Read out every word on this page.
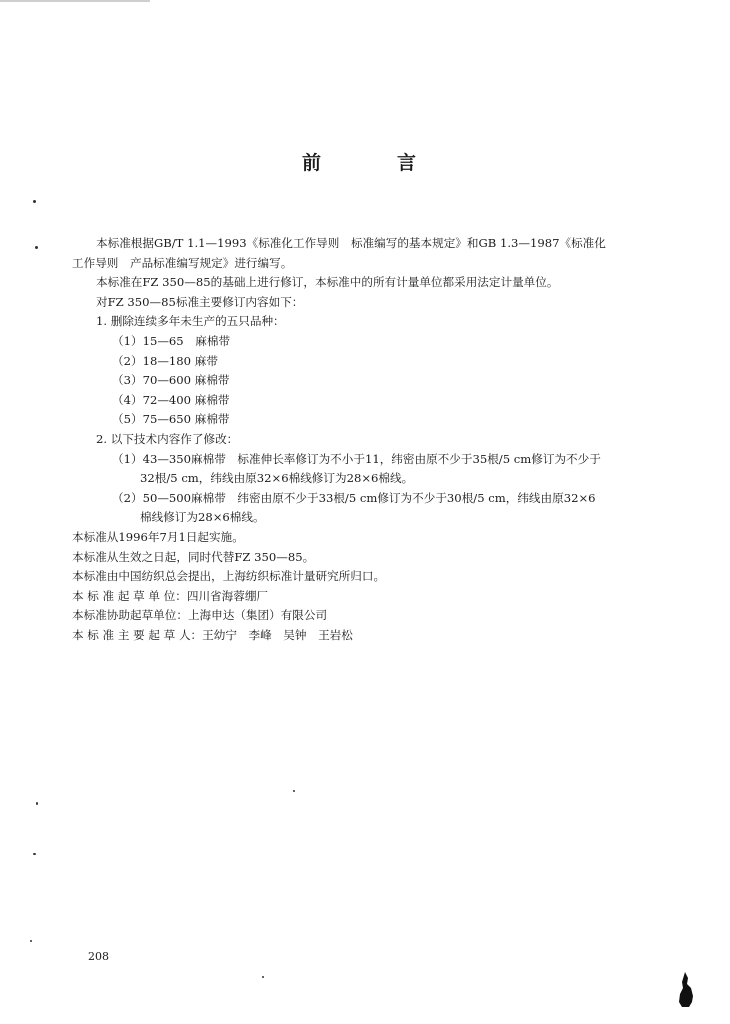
前	言
本标准根据GB/T 1.1—1993《标准化工作导则　标准编写的基本规定》和GB 1.3—1987《标准化
工作导则　产品标准编写规定》进行编写。
本标准在FZ 350—85的基础上进行修订，本标准中的所有计量单位都采用法定计量单位。
对FZ 350—85标准主要修订内容如下：
1. 删除连续多年未生产的五只品种：
（1）15—65　麻棉带
（2）18—180 麻带
（3）70—600 麻棉带
（4）72—400 麻棉带
（5）75—650 麻棉带
2. 以下技术内容作了修改：
（1）43—350麻棉带　标准伸长率修订为不小于11，纬密由原不少于35根/5 cm修订为不少于
32根/5 cm，纬线由原32×6棉线修订为28×6棉线。
（2）50—500麻棉带　纬密由原不少于33根/5 cm修订为不少于30根/5 cm，纬线由原32×6
棉线修订为28×6棉线。
本标准从1996年7月1日起实施。
本标准从生效之日起，同时代替FZ 350—85。
本标准由中国纺织总会提出，上海纺织标准计量研究所归口。
本 标 准 起 草 单 位：四川省海蓉绷厂
本标准协助起草单位：上海申达（集团）有限公司
本 标 准 主 要 起 草 人：王幼宁　李峰　吴钟　王岩松
208
